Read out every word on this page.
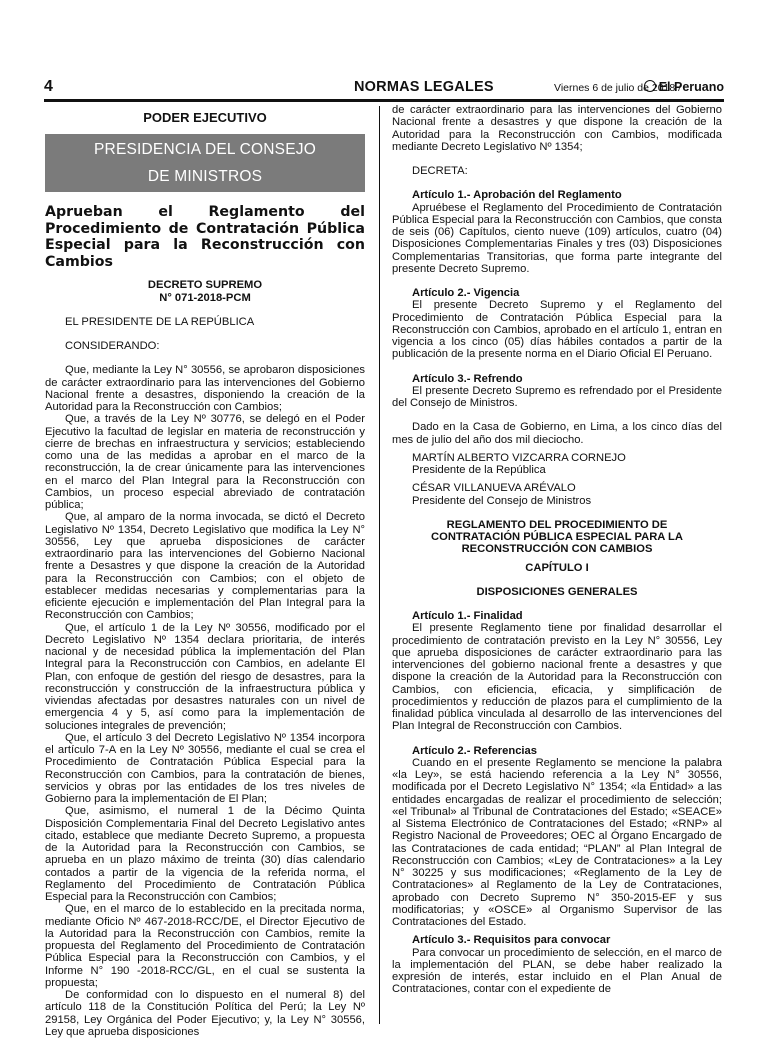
4	NORMAS LEGALES	Viernes 6 de julio de 2018 /
El Peruano
PODER EJECUTIVO
PRESIDENCIA DEL CONSEJO
DE MINISTROS
Aprueban el Reglamento del Procedimiento de Contratación Pública Especial para la Reconstrucción con Cambios
DECRETO SUPREMO
N° 071-2018-PCM

EL PRESIDENTE DE LA REPÚBLICA

CONSIDERANDO:

Que, mediante la Ley N° 30556, se aprobaron disposiciones de carácter extraordinario para las intervenciones del Gobierno Nacional frente a desastres, disponiendo la creación de la Autoridad para la Reconstrucción con Cambios;

Que, a través de la Ley Nº 30776, se delegó en el Poder Ejecutivo la facultad de legislar en materia de reconstrucción y cierre de brechas en infraestructura y servicios; estableciendo como una de las medidas a aprobar en el marco de la reconstrucción, la de crear únicamente para las intervenciones en el marco del Plan Integral para la Reconstrucción con Cambios, un proceso especial abreviado de contratación pública;

Que, al amparo de la norma invocada, se dictó el Decreto Legislativo Nº 1354, Decreto Legislativo que modifica la Ley N° 30556, Ley que aprueba disposiciones de carácter extraordinario para las intervenciones del Gobierno Nacional frente a Desastres y que dispone la creación de la Autoridad para la Reconstrucción con Cambios; con el objeto de establecer medidas necesarias y complementarias para la eficiente ejecución e implementación del Plan Integral para la Reconstrucción con Cambios;

Que, el artículo 1 de la Ley Nº 30556, modificado por el Decreto Legislativo Nº 1354 declara prioritaria, de interés nacional y de necesidad pública la implementación del Plan Integral para la Reconstrucción con Cambios, en adelante El Plan, con enfoque de gestión del riesgo de desastres, para la reconstrucción y construcción de la infraestructura pública y viviendas afectadas por desastres naturales con un nivel de emergencia 4 y 5, así como para la implementación de soluciones integrales de prevención;

Que, el artículo 3 del Decreto Legislativo Nº 1354 incorpora el artículo 7-A en la Ley Nº 30556, mediante el cual se crea el Procedimiento de Contratación Pública Especial para la Reconstrucción con Cambios, para la contratación de bienes, servicios y obras por las entidades de los tres niveles de Gobierno para la implementación de El Plan;

Que, asimismo, el numeral 1 de la Décimo Quinta Disposición Complementaria Final del Decreto Legislativo antes citado, establece que mediante Decreto Supremo, a propuesta de la Autoridad para la Reconstrucción con Cambios, se aprueba en un plazo máximo de treinta (30) días calendario contados a partir de la vigencia de la referida norma, el Reglamento del Procedimiento de Contratación Pública Especial para la Reconstrucción con Cambios;

Que, en el marco de lo establecido en la precitada norma, mediante Oficio Nº 467-2018-RCC/DE, el Director Ejecutivo de la Autoridad para la Reconstrucción con Cambios, remite la propuesta del Reglamento del Procedimiento de Contratación Pública Especial para la Reconstrucción con Cambios, y el Informe N° 190 -2018-RCC/GL, en el cual se sustenta la propuesta;

De conformidad con lo dispuesto en el numeral 8) del artículo 118 de la Constitución Política del Perú; la Ley Nº 29158, Ley Orgánica del Poder Ejecutivo; y, la Ley N° 30556, Ley que aprueba disposiciones

de carácter extraordinario para las intervenciones del Gobierno Nacional frente a desastres y que dispone la creación de la Autoridad para la Reconstrucción con Cambios, modificada mediante Decreto Legislativo Nº 1354;

DECRETA:

Artículo 1.- Aprobación del Reglamento

Apruébese el Reglamento del Procedimiento de Contratación Pública Especial para la Reconstrucción con Cambios, que consta de seis (06) Capítulos, ciento nueve (109) artículos, cuatro (04) Disposiciones Complementarias Finales y tres (03) Disposiciones Complementarias Transitorias, que forma parte integrante del presente Decreto Supremo.

Artículo 2.- Vigencia

El presente Decreto Supremo y el Reglamento del Procedimiento de Contratación Pública Especial para la Reconstrucción con Cambios, aprobado en el artículo 1, entran en vigencia a los cinco (05) días hábiles contados a partir de la publicación de la presente norma en el Diario Oficial El Peruano.

Artículo 3.- Refrendo

El presente Decreto Supremo es refrendado por el Presidente del Consejo de Ministros.

Dado en la Casa de Gobierno, en Lima, a los cinco días del mes de julio del año dos mil dieciocho.

MARTÍN ALBERTO VIZCARRA CORNEJO

Presidente de la República

CÉSAR VILLANUEVA ARÉVALO

Presidente del Consejo de Ministros

REGLAMENTO DEL PROCEDIMIENTO DE CONTRATACIÓN PÚBLICA ESPECIAL PARA LA RECONSTRUCCIÓN CON CAMBIOS
CAPÍTULO I
DISPOSICIONES GENERALES

Artículo 1.- Finalidad

El presente Reglamento tiene por finalidad desarrollar el procedimiento de contratación previsto en la Ley N° 30556, Ley que aprueba disposiciones de carácter extraordinario para las intervenciones del gobierno nacional frente a desastres y que dispone la creación de la Autoridad para la Reconstrucción con Cambios, con eficiencia, eficacia, y simplificación de procedimientos y reducción de plazos para el cumplimiento de la finalidad pública vinculada al desarrollo de las intervenciones del Plan Integral de Reconstrucción con Cambios.

Artículo 2.- Referencias

Cuando en el presente Reglamento se mencione la palabra «la Ley», se está haciendo referencia a la Ley N° 30556, modificada por el Decreto Legislativo N° 1354; «la Entidad» a las entidades encargadas de realizar el procedimiento de selección; «el Tribunal» al Tribunal de Contrataciones del Estado; «SEACE» al Sistema Electrónico de Contrataciones del Estado; «RNP» al Registro Nacional de Proveedores; OEC al Órgano Encargado de las Contrataciones de cada entidad; “PLAN” al Plan Integral de Reconstrucción con Cambios; «Ley de Contrataciones» a la Ley N° 30225 y sus modificaciones; «Reglamento de la Ley de Contrataciones» al Reglamento de la Ley de Contrataciones, aprobado con Decreto Supremo N° 350-2015-EF y sus modificatorias; y «OSCE» al Organismo Supervisor de las Contrataciones del Estado.

Artículo 3.- Requisitos para convocar

Para convocar un procedimiento de selección, en el marco de la implementación del PLAN, se debe haber realizado la expresión de interés, estar incluido en el Plan Anual de Contrataciones, contar con el expediente de
